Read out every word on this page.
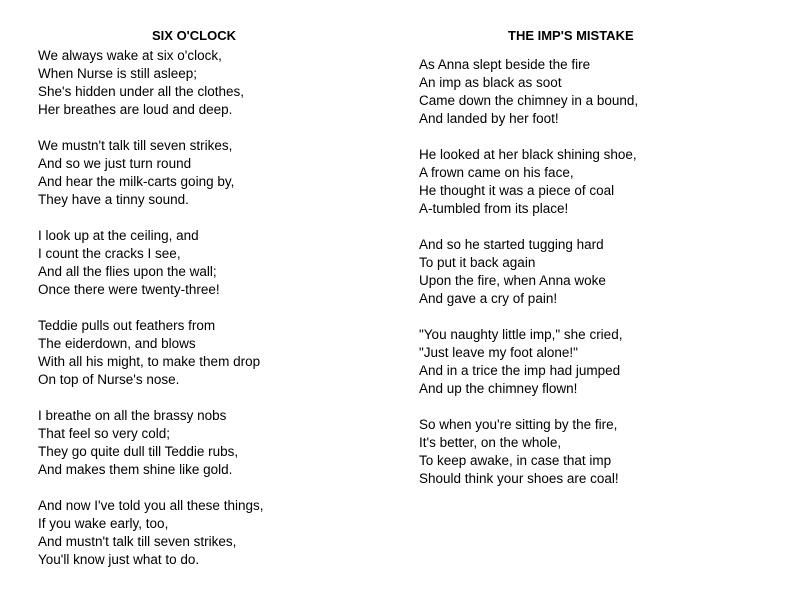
SIX O'CLOCK
We always wake at six o'clock,
When Nurse is still asleep;
She's hidden under all the clothes,
Her breathes are loud and deep.
We mustn't talk till seven strikes,
And so we just turn round
And hear the milk-carts going by,
They have a tinny sound.
I look up at the ceiling, and
I count the cracks I see,
And all the flies upon the wall;
Once there were twenty-three!
Teddie pulls out feathers from
The eiderdown, and blows
With all his might, to make them drop
On top of Nurse's nose.
I breathe on all the brassy nobs
That feel so very cold;
They go quite dull till Teddie rubs,
And makes them shine like gold.
And now I've told you all these things,
If you wake early, too,
And mustn't talk till seven strikes,
You'll know just what to do.
THE IMP'S MISTAKE
As Anna slept beside the fire
An imp as black as soot
Came down the chimney in a bound,
And landed by her foot!
He looked at her black shining shoe,
A frown came on his face,
He thought it was a piece of coal
A-tumbled from its place!
And so he started tugging hard
To put it back again
Upon the fire, when Anna woke
And gave a cry of pain!
"You naughty little imp," she cried,
"Just leave my foot alone!"
And in a trice the imp had jumped
And up the chimney flown!
So when you're sitting by the fire,
It's better, on the whole,
To keep awake, in case that imp
Should think your shoes are coal!
